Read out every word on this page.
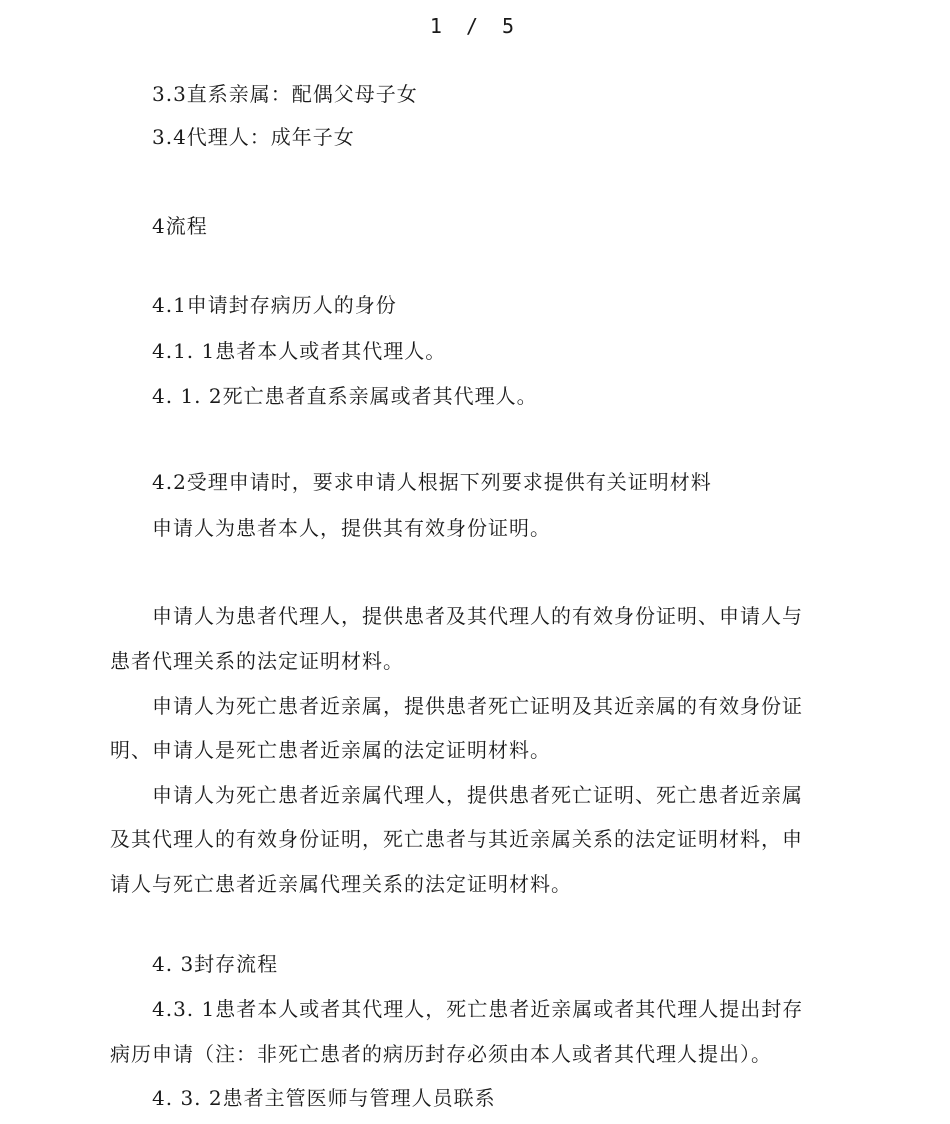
1 / 5
3.3直系亲属：配偶父母子女
3.4代理人：成年子女
4流程
4.1申请封存病历人的身份
4.1. 1患者本人或者其代理人。
4. 1. 2死亡患者直系亲属或者其代理人。
4.2受理申请时，要求申请人根据下列要求提供有关证明材料
申请人为患者本人，提供其有效身份证明。
申请人为患者代理人，提供患者及其代理人的有效身份证明、申请人与
患者代理关系的法定证明材料。
申请人为死亡患者近亲属，提供患者死亡证明及其近亲属的有效身份证
明、申请人是死亡患者近亲属的法定证明材料。
申请人为死亡患者近亲属代理人，提供患者死亡证明、死亡患者近亲属
及其代理人的有效身份证明，死亡患者与其近亲属关系的法定证明材料，申
请人与死亡患者近亲属代理关系的法定证明材料。
4. 3封存流程
4.3. 1患者本人或者其代理人，死亡患者近亲属或者其代理人提出封存
病历申请（注：非死亡患者的病历封存必须由本人或者其代理人提出）。
4. 3. 2患者主管医师与管理人员联系
